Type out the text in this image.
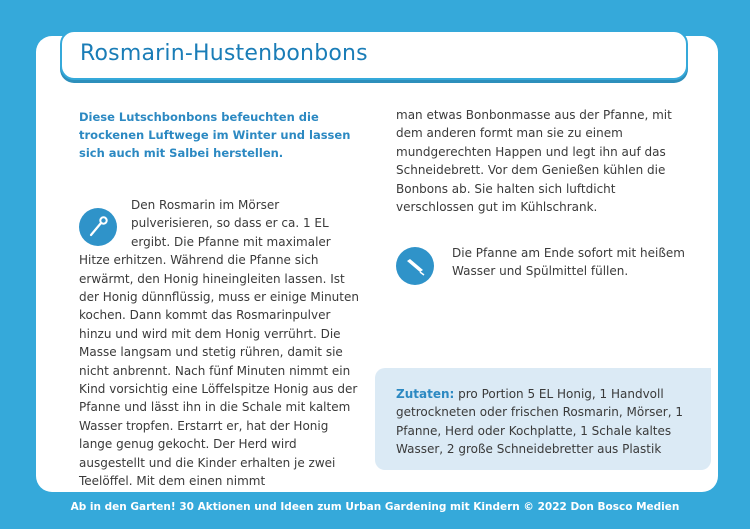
Rosmarin-Hustenbonbons

Diese Lutschbonbons befeuchten die trockenen Luftwege im Winter und lassen sich auch mit Salbei herstellen.

Den Rosmarin im Mörser pulverisieren, so dass er ca. 1 EL ergibt. Die Pfanne mit maximaler Hitze erhitzen. Während die Pfanne sich erwärmt, den Honig hineingleiten lassen. Ist der Honig dünnflüssig, muss er einige Minuten kochen. Dann kommt das Rosmarinpulver hinzu und wird mit dem Honig verrührt. Die Masse langsam und stetig rühren, damit sie nicht anbrennt. Nach fünf Minuten nimmt ein Kind vorsichtig eine Löffelspitze Honig aus der Pfanne und lässt ihn in die Schale mit kaltem Wasser tropfen. Erstarrt er, hat der Honig lange genug gekocht. Der Herd wird ausgestellt und die Kinder erhalten je zwei Teelöffel. Mit dem einen nimmt

man etwas Bonbonmasse aus der Pfanne, mit dem anderen formt man sie zu einem mundgerechten Happen und legt ihn auf das Schneidebrett. Vor dem Genießen kühlen die Bonbons ab. Sie halten sich luftdicht verschlossen gut im Kühlschrank.

Die Pfanne am Ende sofort mit heißem Wasser und Spülmittel füllen.

Zutaten: pro Portion 5 EL Honig, 1 Handvoll getrockneten oder frischen Rosmarin, Mörser, 1 Pfanne, Herd oder Kochplatte, 1 Schale kaltes Wasser, 2 große Schneidebretter aus Plastik

Ab in den Garten! 30 Aktionen und Ideen zum Urban Gardening mit Kindern © 2022 Don Bosco Medien
